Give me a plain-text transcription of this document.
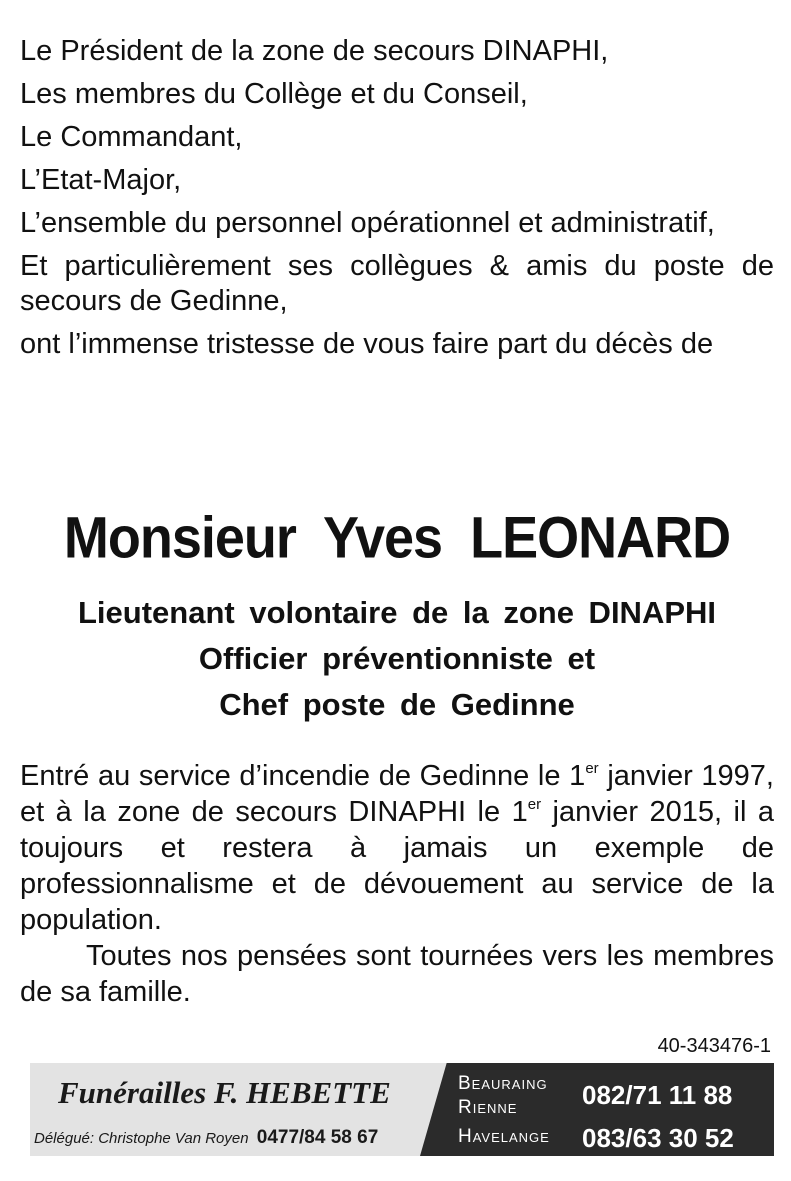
Le Président de la zone de secours DINAPHI,

Les membres du Collège et du Conseil,

Le Commandant,

L’Etat-Major,

L’ensemble du personnel opérationnel et administratif,

Et particulièrement ses collègues & amis du poste de secours de Gedinne,

ont l’immense tristesse de vous faire part du décès de

Monsieur Yves LEONARD
Lieutenant volontaire de la zone DINAPHI
Officier préventionniste et
Chef poste de Gedinne

Entré au service d’incendie de Gedinne le 1er janvier 1997, et à la zone de secours DINAPHI le 1er janvier 2015, il a toujours et restera à jamais un exemple de professionnalisme et de dévouement au service de la population.

Toutes nos pensées sont tournées vers les membres de sa famille.

40-343476-1
Funérailles F. HEBETTE
Délégué: Christophe Van Royen 0477/84 58 67
Beauraing
Rienne
Havelange
082/71 11 88
083/63 30 52
